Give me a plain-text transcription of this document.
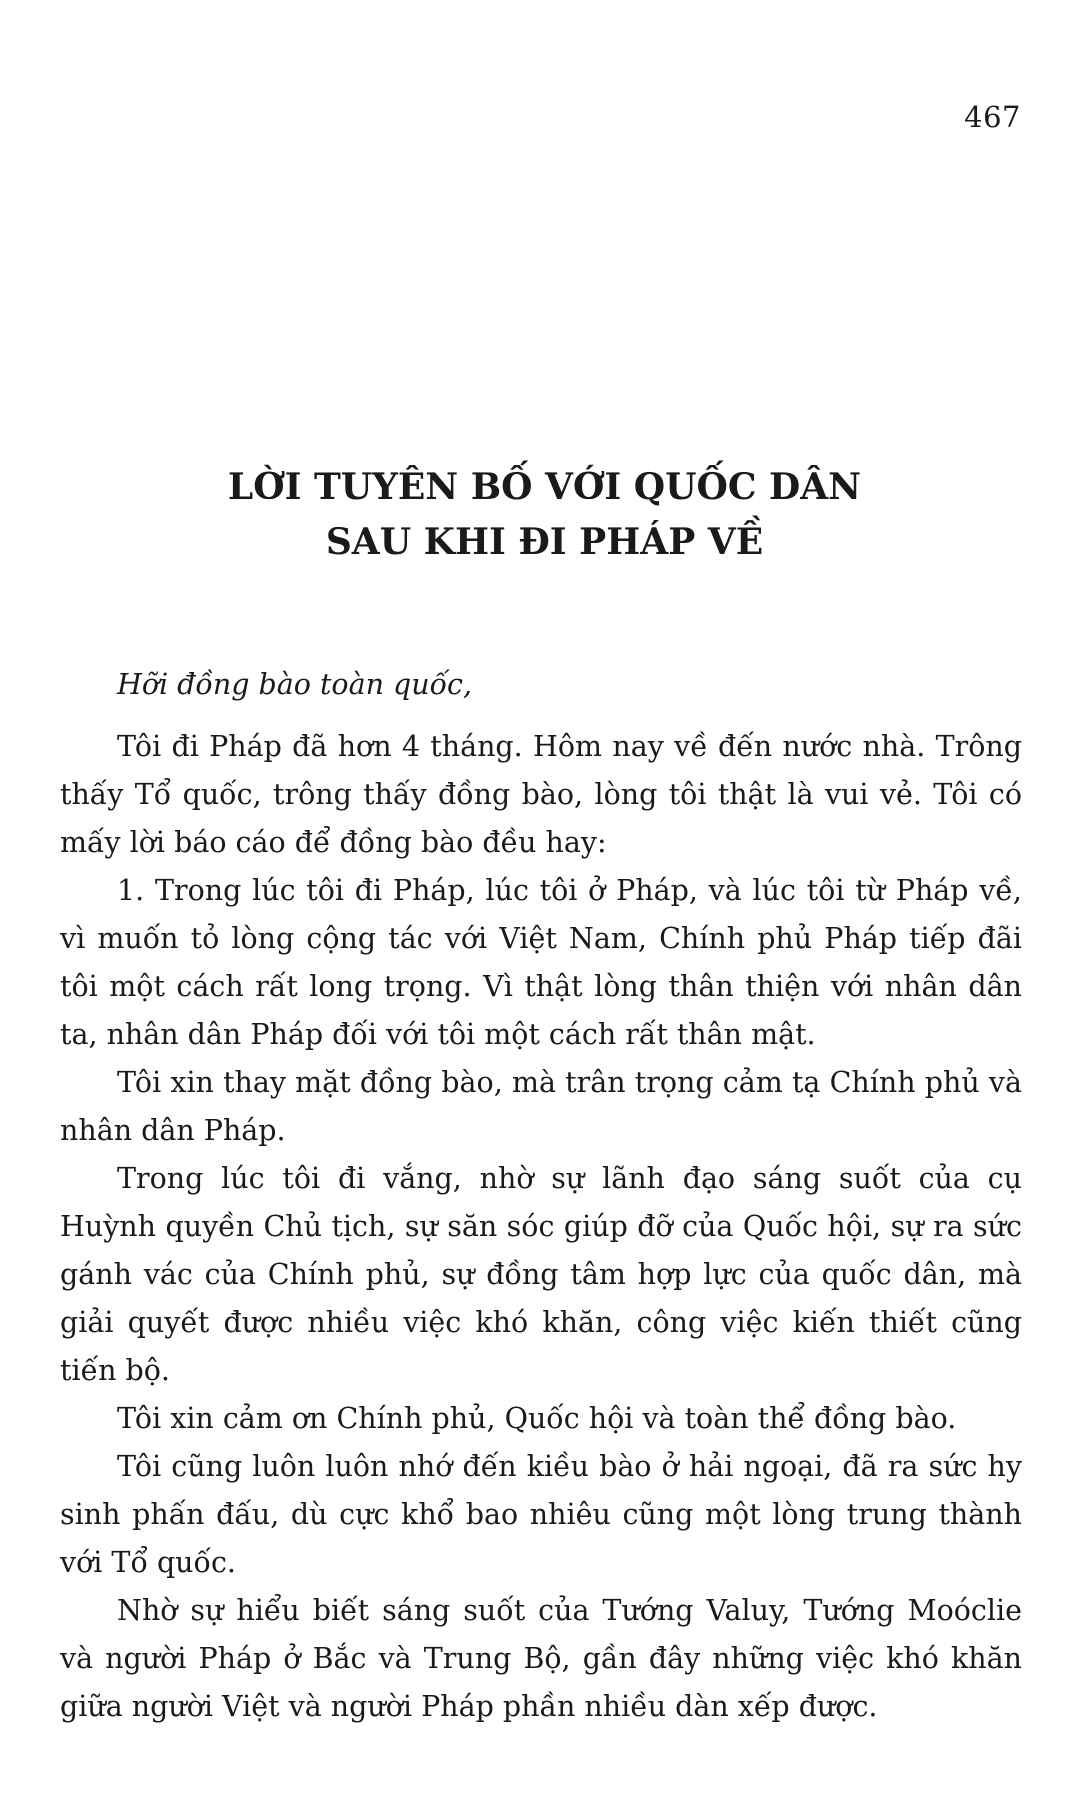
467
LỜI TUYÊN BỐ VỚI QUỐC DÂN
SAU KHI ĐI PHÁP VỀ

Hỡi đồng bào toàn quốc,

Tôi đi Pháp đã hơn 4 tháng. Hôm nay về đến nước nhà. Trông thấy Tổ quốc, trông thấy đồng bào, lòng tôi thật là vui vẻ. Tôi có mấy lời báo cáo để đồng bào đều hay:

1. Trong lúc tôi đi Pháp, lúc tôi ở Pháp, và lúc tôi từ Pháp về, vì muốn tỏ lòng cộng tác với Việt Nam, Chính phủ Pháp tiếp đãi tôi một cách rất long trọng. Vì thật lòng thân thiện với nhân dân ta, nhân dân Pháp đối với tôi một cách rất thân mật.

Tôi xin thay mặt đồng bào, mà trân trọng cảm tạ Chính phủ và nhân dân Pháp.

Trong lúc tôi đi vắng, nhờ sự lãnh đạo sáng suốt của cụ Huỳnh quyền Chủ tịch, sự săn sóc giúp đỡ của Quốc hội, sự ra sức gánh vác của Chính phủ, sự đồng tâm hợp lực của quốc dân, mà giải quyết được nhiều việc khó khăn, công việc kiến thiết cũng tiến bộ.

Tôi xin cảm ơn Chính phủ, Quốc hội và toàn thể đồng bào.

Tôi cũng luôn luôn nhớ đến kiều bào ở hải ngoại, đã ra sức hy sinh phấn đấu, dù cực khổ bao nhiêu cũng một lòng trung thành với Tổ quốc.

Nhờ sự hiểu biết sáng suốt của Tướng Valuy, Tướng Moóclie và người Pháp ở Bắc và Trung Bộ, gần đây những việc khó khăn giữa người Việt và người Pháp phần nhiều dàn xếp được.
